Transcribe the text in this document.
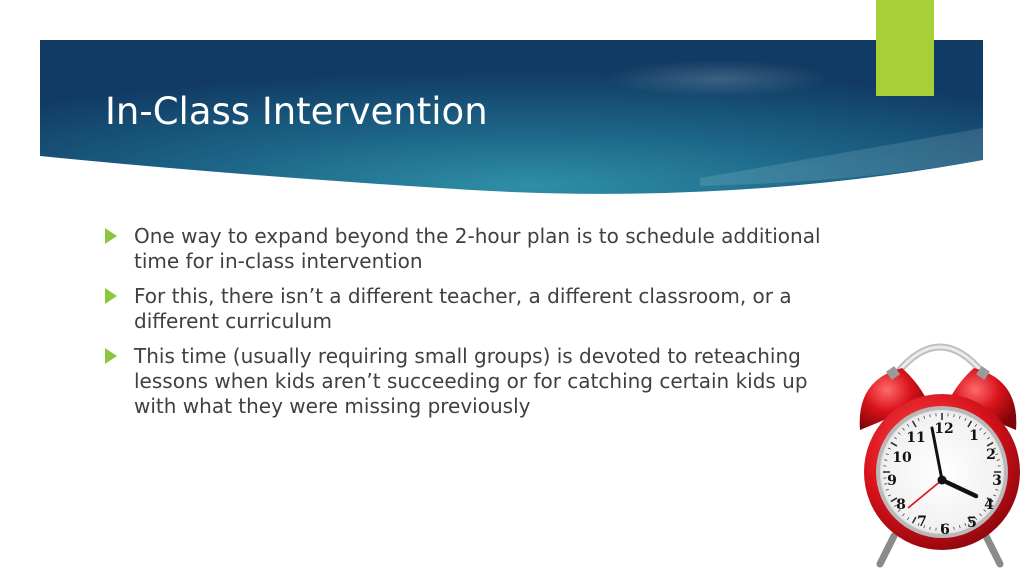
In-Class Intervention
One way to expand beyond the 2-hour plan is to schedule additional time for in-class intervention
For this, there isn’t a different teacher, a different classroom, or a different curriculum
This time (usually requiring small groups) is devoted to reteaching lessons when kids aren’t succeeding or for catching certain kids up with what they were missing previously
12 1
2
3
4
5
6
7
8
9
10
11
